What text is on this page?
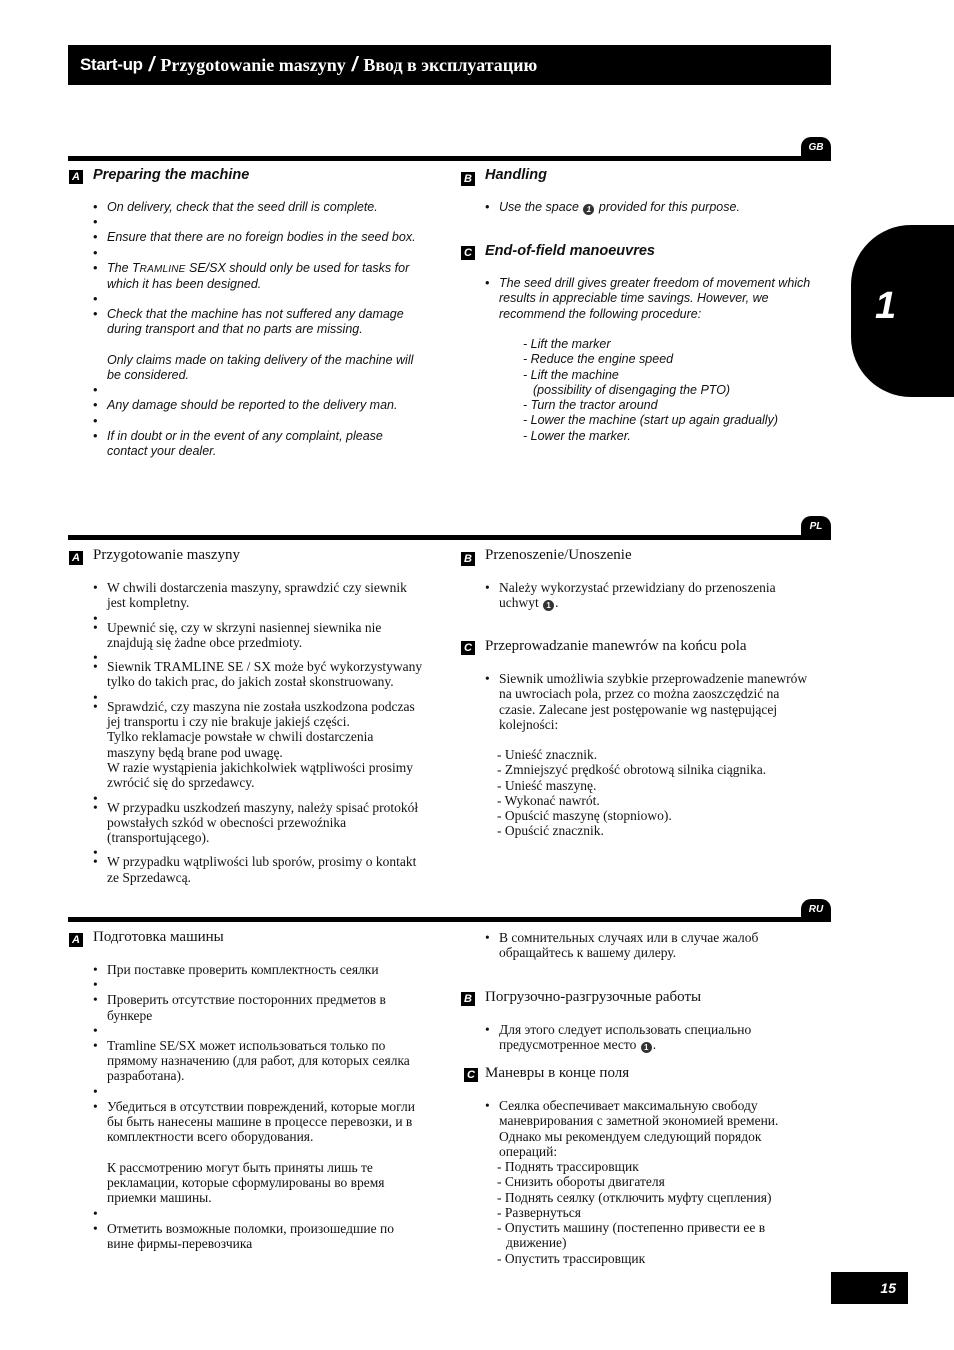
Start-up / Przygotowanie maszyny / Ввод в эксплуатацию
1
GB
A Preparing the machine
• On delivery, check that the seed drill is complete.
•
• Ensure that there are no foreign bodies in the seed box.
•
• The TRAMLINE SE/SX should only be used for tasks for which it has been designed.
•
• Check that the machine has not suffered any damage during transport and that no parts are missing.
Only claims made on taking delivery of the machine will be considered.
•
• Any damage should be reported to the delivery man.
•
• If in doubt or in the event of any complaint, please contact your dealer.
B Handling
• Use the space 1 provided for this purpose.
C End-of-field manoeuvres
• The seed drill gives greater freedom of movement which results in appreciable time savings. However, we recommend the following procedure:
- Lift the marker
- Reduce the engine speed
- Lift the machine
(possibility of disengaging the PTO)
- Turn the tractor around
- Lower the machine (start up again gradually)
- Lower the marker.
PL
A Przygotowanie maszyny
• W chwili dostarczenia maszyny, sprawdzić czy siewnik jest kompletny.
•
• Upewnić się, czy w skrzyni nasiennej siewnika nie znajdują się żadne obce przedmioty.
•
• Siewnik TRAMLINE SE / SX może być wykorzystywany tylko do takich prac, do jakich został skonstruowany.
•
• Sprawdzić, czy maszyna nie została uszkodzona podczas jej transportu i czy nie brakuje jakiejś części.
Tylko reklamacje powstałe w chwili dostarczenia maszyny będą brane pod uwagę.
W razie wystąpienia jakichkolwiek wątpliwości prosimy zwrócić się do sprzedawcy.
•
• W przypadku uszkodzeń maszyny, należy spisać protokół powstałych szkód w obecności przewoźnika (transportującego).
•
• W przypadku wątpliwości lub sporów, prosimy o kontakt ze Sprzedawcą.
B Przenoszenie/Unoszenie
• Należy wykorzystać przewidziany do przenoszenia uchwyt 1 .
C Przeprowadzanie manewrów na końcu pola
• Siewnik umożliwia szybkie przeprowadzenie manewrów na uwrociach pola, przez co można zaoszczędzić na czasie. Zalecane jest postępowanie wg następującej kolejności:
- Unieść znacznik.
- Zmniejszyć prędkość obrotową silnika ciągnika.
- Unieść maszynę.
- Wykonać nawrót.
- Opuścić maszynę (stopniowo).
- Opuścić znacznik.
RU
A Подготовка машины
• При поставке проверить комплектность сеялки
•
• Проверить отсутствие посторонних предметов в бункере
•
• Tramline SE/SX может использоваться только по прямому назначению (для работ, для которых сеялка разработана).
•
• Убедиться в отсутствии повреждений, которые могли бы быть нанесены машине в процессе перевозки, и в комплектности всего оборудования.
К рассмотрению могут быть приняты лишь те рекламации, которые сформулированы во время приемки машины.
•
• Отметить возможные поломки, произошедшие по вине фирмы-перевозчика
• В сомнительных случаях или в случае жалоб обращайтесь к вашему дилеру.
B Погрузочно-разгрузочные работы
• Для этого следует использовать специально предусмотренное место 1 .
C Маневры в конце поля
• Сеялка обеспечивает максимальную свободу маневрирования с заметной экономией времени. Однако мы рекомендуем следующий порядок операций:
- Поднять трассировщик
- Снизить обороты двигателя
- Поднять сеялку (отключить муфту сцепления)
- Развернуться
- Опустить машину (постепенно привести ее в движение)
- Опустить трассировщик
15
